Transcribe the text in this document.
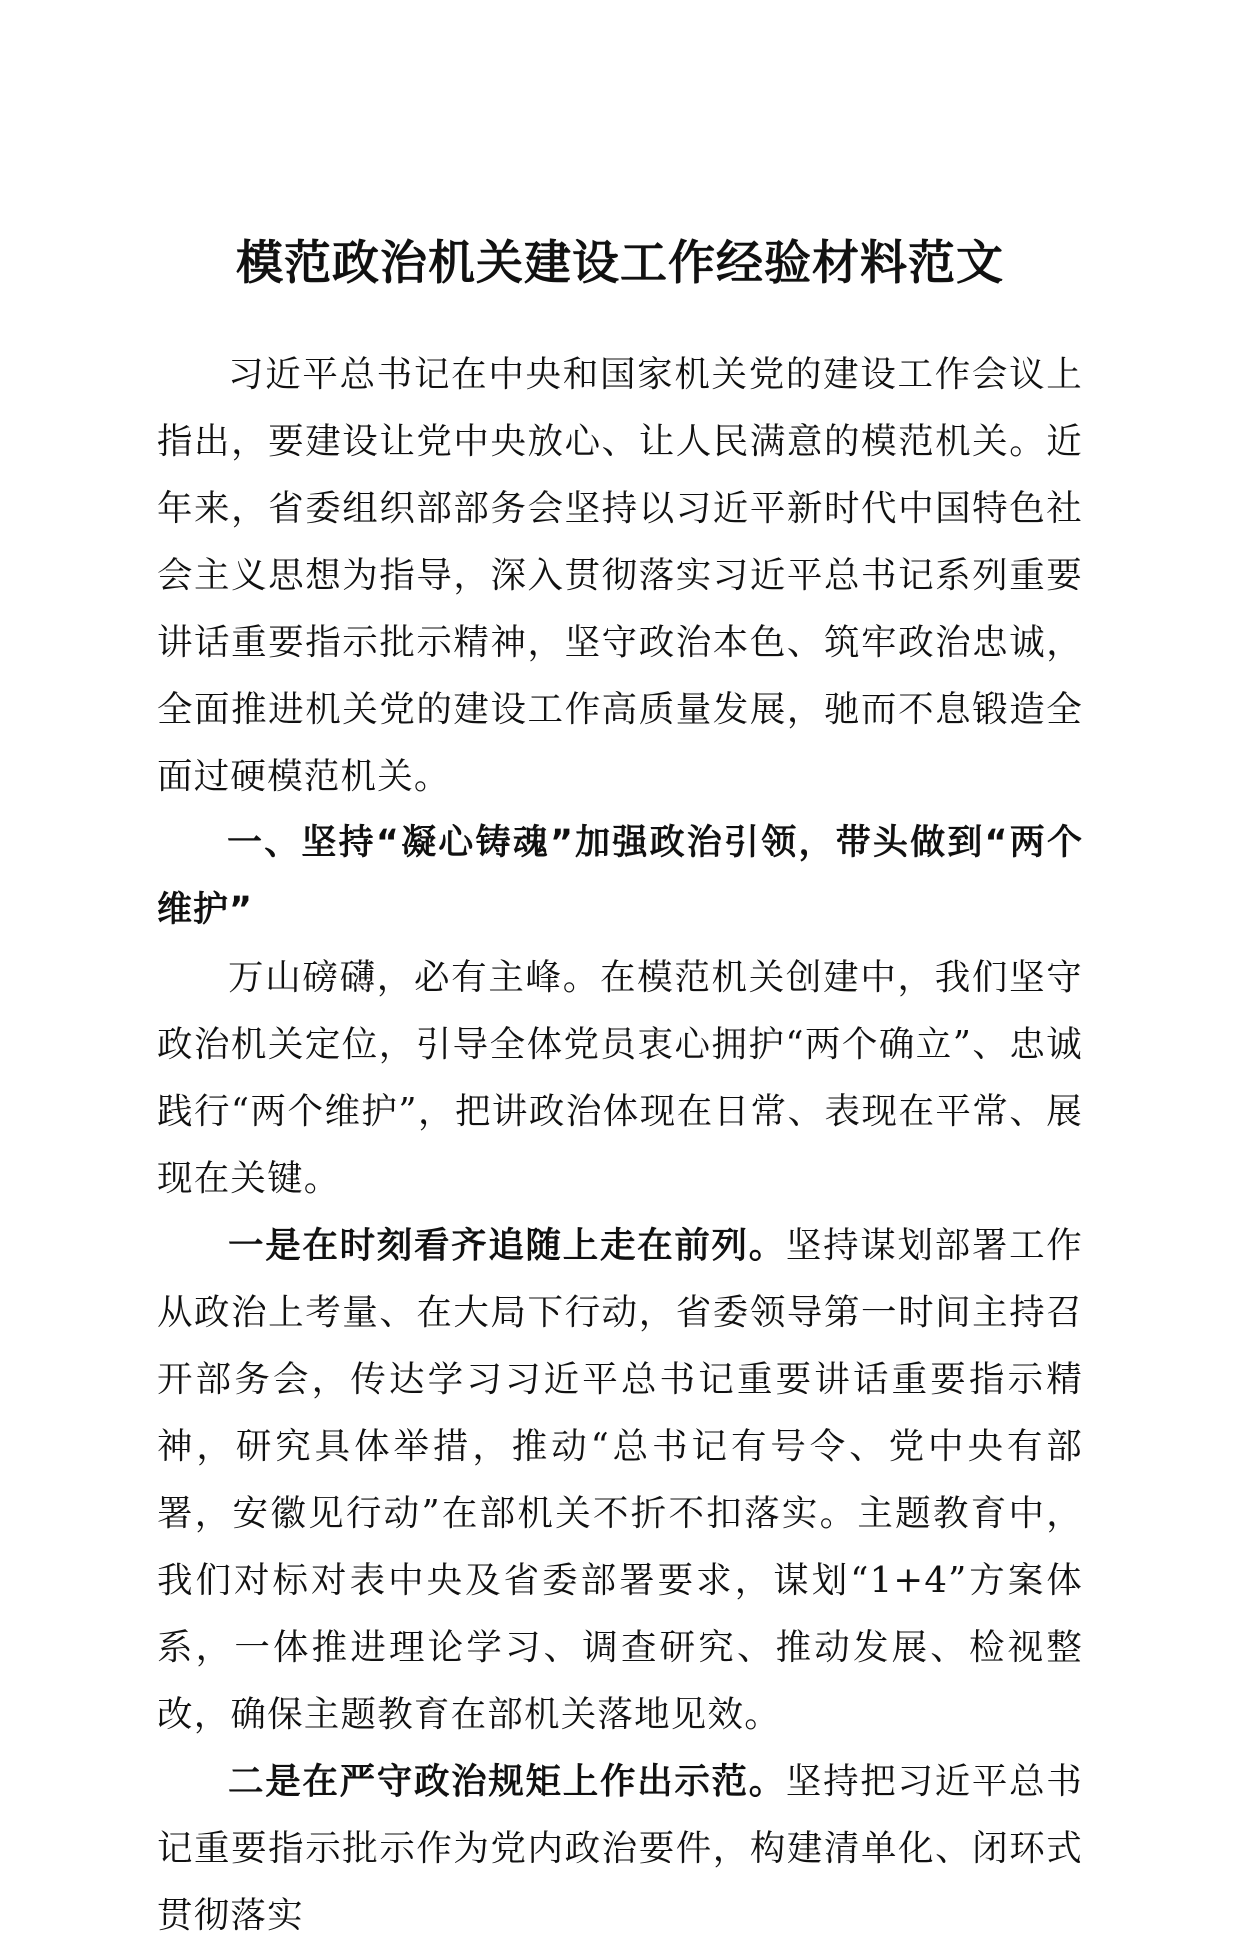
模范政治机关建设工作经验材料范文

习近平总书记在中央和国家机关党的建设工作会议上指出，要建设让党中央放心、让人民满意的模范机关。近年来，省委组织部部务会坚持以习近平新时代中国特色社会主义思想为指导，深入贯彻落实习近平总书记系列重要讲话重要指示批示精神，坚守政治本色、筑牢政治忠诚，全面推进机关党的建设工作高质量发展，驰而不息锻造全面过硬模范机关。

一、坚持“凝心铸魂”加强政治引领，带头做到“两个维护”

万山磅礴，必有主峰。在模范机关创建中，我们坚守政治机关定位，引导全体党员衷心拥护“两个确立”、忠诚践行“两个维护”，把讲政治体现在日常、表现在平常、展现在关键。

一是在时刻看齐追随上走在前列。坚持谋划部署工作从政治上考量、在大局下行动，省委领导第一时间主持召开部务会，传达学习习近平总书记重要讲话重要指示精神，研究具体举措，推动“总书记有号令、党中央有部署，安徽见行动”在部机关不折不扣落实。主题教育中，我们对标对表中央及省委部署要求，谋划“1+4”方案体系，一体推进理论学习、调查研究、推动发展、检视整改，确保主题教育在部机关落地见效。

二是在严守政治规矩上作出示范。坚持把习近平总书记重要指示批示作为党内政治要件，构建清单化、闭环式贯彻落实
